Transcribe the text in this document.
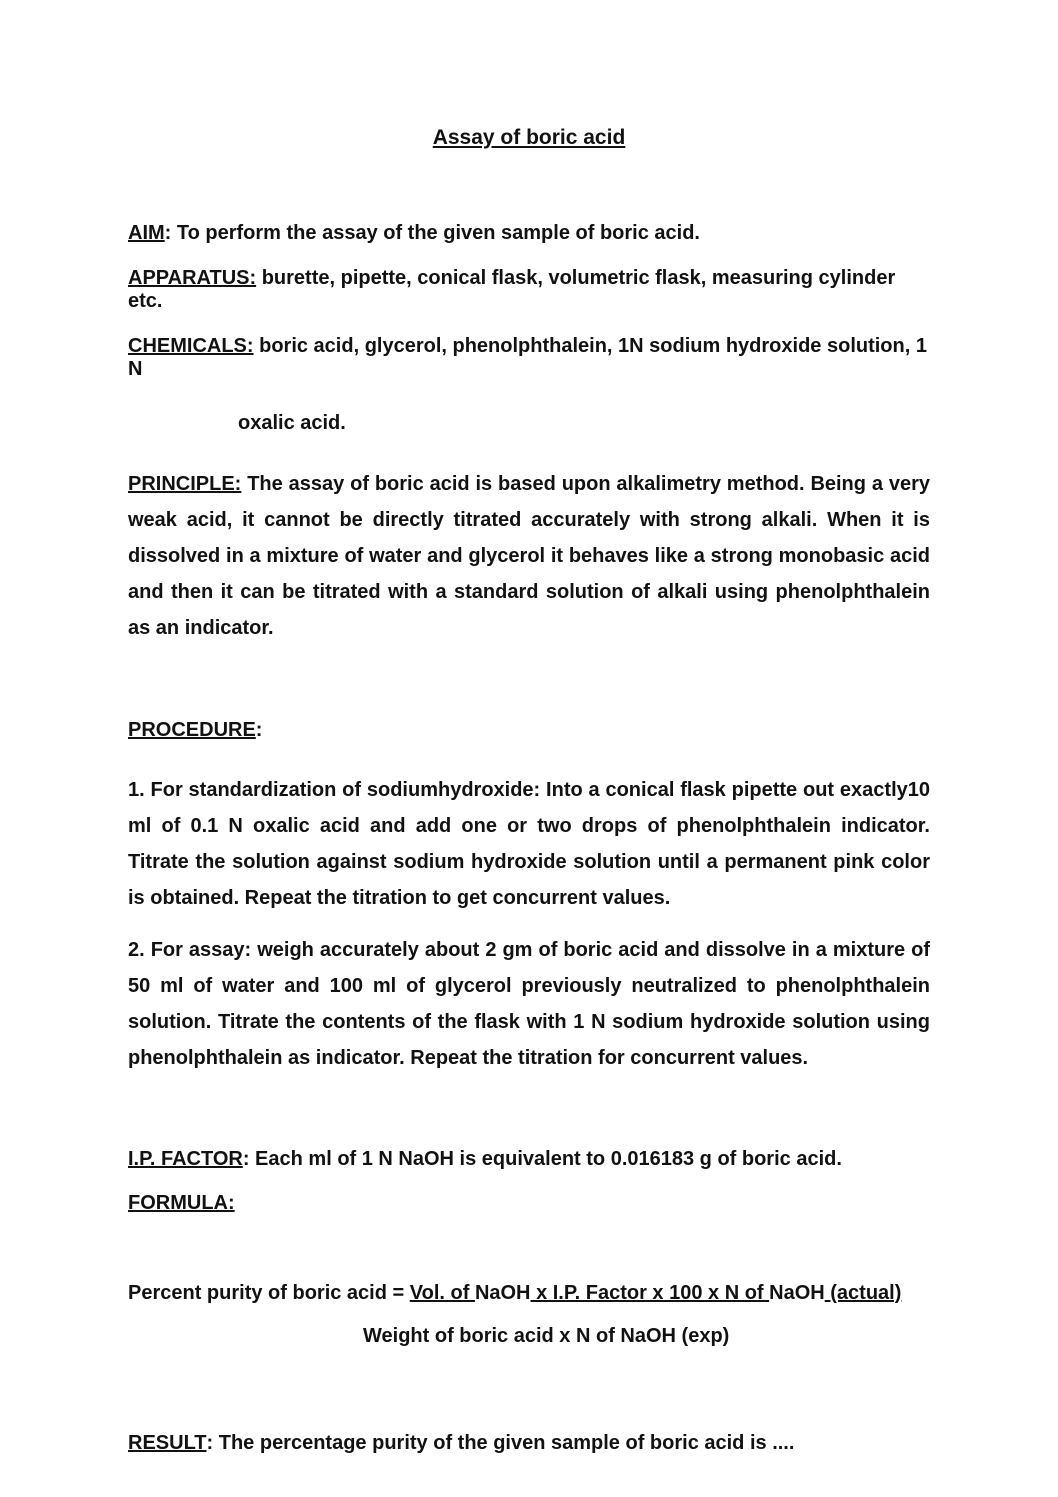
Assay of boric acid

AIM: To perform the assay of the given sample of boric acid.

APPARATUS: burette, pipette, conical flask, volumetric flask, measuring cylinder etc.

CHEMICALS: boric acid, glycerol, phenolphthalein, 1N sodium hydroxide solution, 1 N

oxalic acid.

PRINCIPLE: The assay of boric acid is based upon alkalimetry method. Being a very weak acid, it cannot be directly titrated accurately with strong alkali. When it is dissolved in a mixture of water and glycerol it behaves like a strong monobasic acid and then it can be titrated with a standard solution of alkali using phenolphthalein as an indicator.

PROCEDURE:

1. For standardization of sodiumhydroxide: Into a conical flask pipette out exactly10 ml of 0.1 N oxalic acid and add one or two drops of phenolphthalein indicator. Titrate the solution against sodium hydroxide solution until a permanent pink color is obtained. Repeat the titration to get concurrent values.

2. For assay: weigh accurately about 2 gm of boric acid and dissolve in a mixture of 50 ml of water and 100 ml of glycerol previously neutralized to phenolphthalein solution. Titrate the contents of the flask with 1 N sodium hydroxide solution using phenolphthalein as indicator. Repeat the titration for concurrent values.

I.P. FACTOR: Each ml of 1 N NaOH is equivalent to 0.016183 g of boric acid.

FORMULA:

Percent purity of boric acid = Vol. of NaOH x I.P. Factor x 100 x N of NaOH (actual)

Weight of boric acid x N of NaOH (exp)

RESULT: The percentage purity of the given sample of boric acid is ....
